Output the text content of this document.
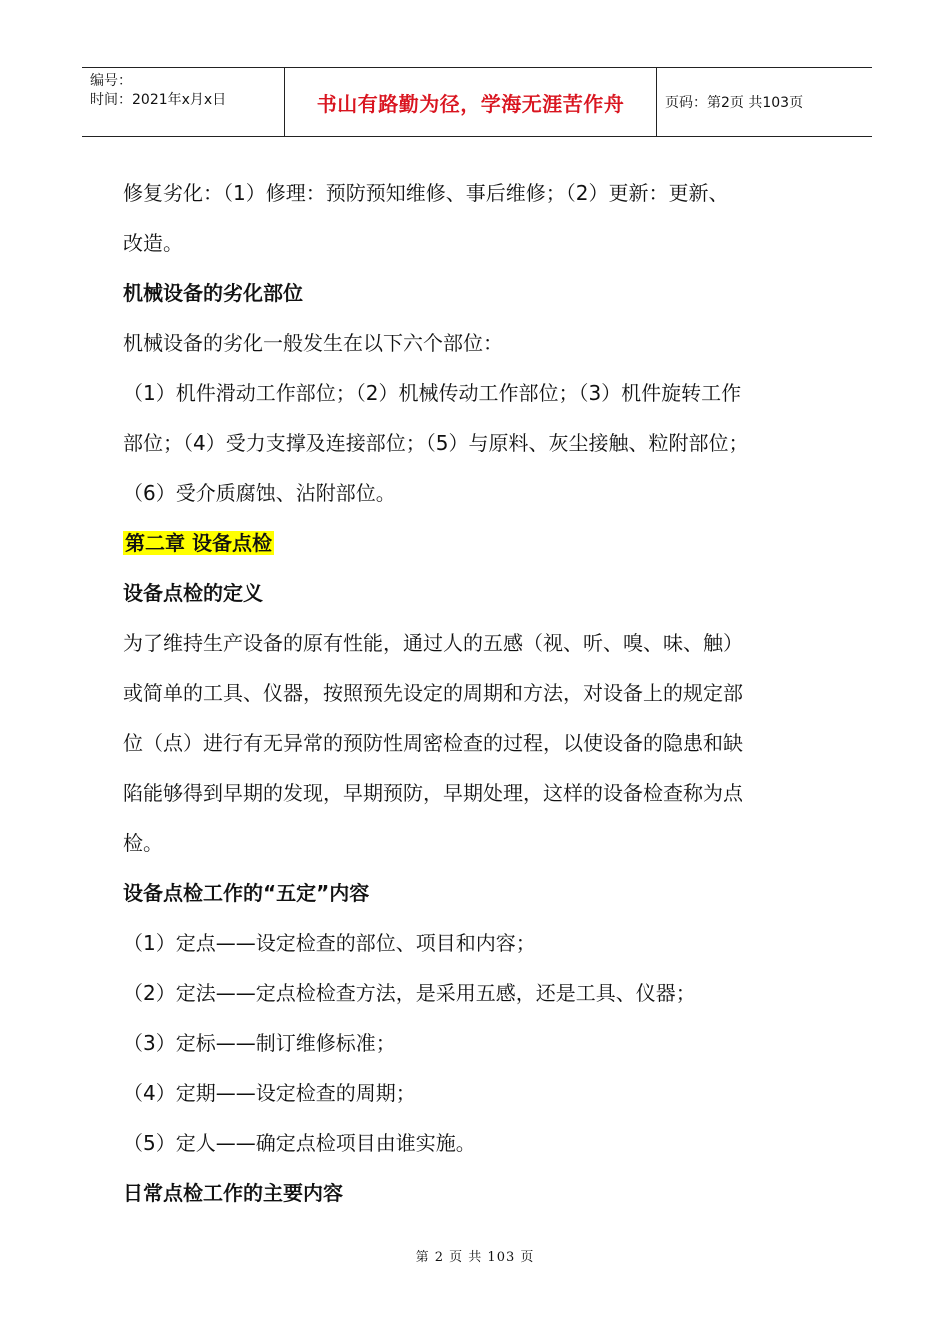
编号：
时间：2021年x月x日	书山有路勤为径，学海无涯苦作舟	页码：第2页 共103页
修复劣化：（1）修理：预防预知维修、事后维修；（2）更新：更新、
改造。
机械设备的劣化部位
机械设备的劣化一般发生在以下六个部位：
（1）机件滑动工作部位；（2）机械传动工作部位；（3）机件旋转工作
部位；（4）受力支撑及连接部位；（5）与原料、灰尘接触、粒附部位；
（6）受介质腐蚀、沾附部位。
第二章 设备点检
设备点检的定义
为了维持生产设备的原有性能，通过人的五感（视、听、嗅、味、触）
或简单的工具、仪器，按照预先设定的周期和方法，对设备上的规定部
位（点）进行有无异常的预防性周密检查的过程，以使设备的隐患和缺
陷能够得到早期的发现，早期预防，早期处理，这样的设备检查称为点
检。
设备点检工作的“五定”内容
（1）定点——设定检查的部位、项目和内容；
（2）定法——定点检检查方法，是采用五感，还是工具、仪器；
（3）定标——制订维修标准；
（4）定期——设定检查的周期；
（5）定人——确定点检项目由谁实施。
日常点检工作的主要内容
第 2 页 共 103 页
